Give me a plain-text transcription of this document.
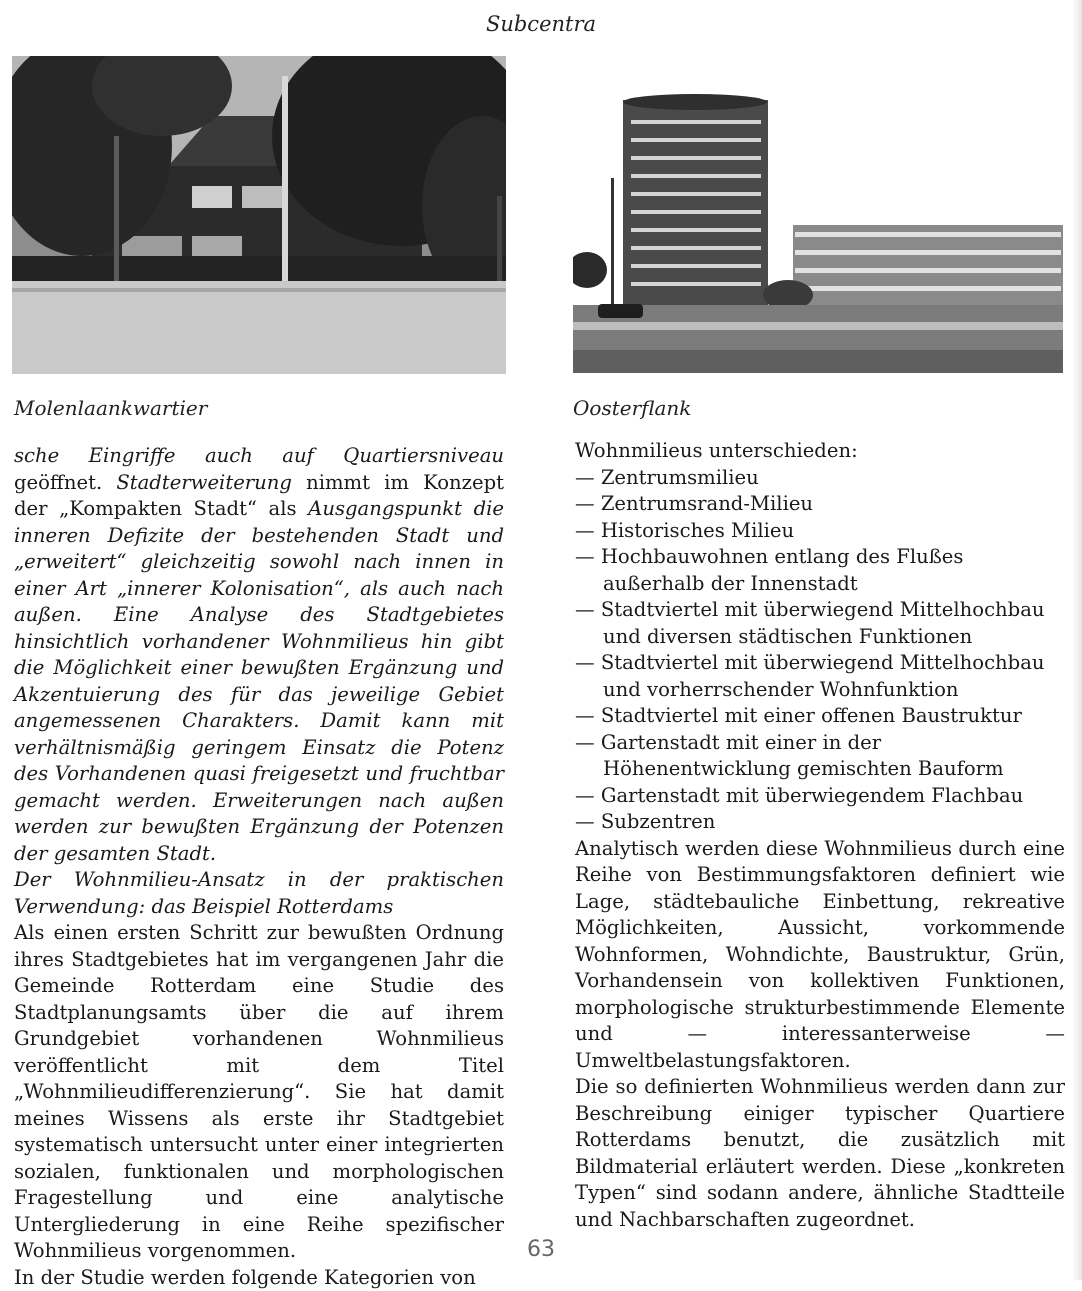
Subcentra
Molenlaankwartier	Oosterflank

sche Eingriffe auch auf Quartiersniveau geöffnet. Stadterweiterung nimmt im Konzept der „Kompakten Stadt“ als Ausgangspunkt die inneren Defizite der bestehenden Stadt und „erweitert“ gleichzeitig sowohl nach innen in einer Art „innerer Kolonisation“, als auch nach außen. Eine Analyse des Stadtgebietes hinsichtlich vorhandener Wohnmilieus hin gibt die Möglichkeit einer bewußten Ergänzung und Akzentuierung des für das jeweilige Gebiet angemessenen Charakters. Damit kann mit verhältnismäßig geringem Einsatz die Potenz des Vorhandenen quasi freigesetzt und fruchtbar gemacht werden. Erweiterungen nach außen werden zur bewußten Ergänzung der Potenzen der gesamten Stadt.

Der Wohnmilieu-Ansatz in der praktischen Verwendung: das Beispiel Rotterdams

Als einen ersten Schritt zur bewußten Ordnung ihres Stadtgebietes hat im vergangenen Jahr die Gemeinde Rotterdam eine Studie des Stadtplanungsamts über die auf ihrem Grundgebiet vorhandenen Wohnmilieus veröffentlicht mit dem Titel „Wohnmilieudifferenzierung“. Sie hat damit meines Wissens als erste ihr Stadtgebiet systematisch untersucht unter einer integrierten sozialen, funktionalen und morphologischen Fragestellung und eine analytische Untergliederung in eine Reihe spezifischer Wohnmilieus vorgenommen.

In der Studie werden folgende Kategorien von

Wohnmilieus unterschieden:

— Zentrumsmilieu

— Zentrumsrand-Milieu

— Historisches Milieu

— Hochbauwohnen entlang des Flußes außerhalb der Innenstadt

— Stadtviertel mit überwiegend Mittelhochbau und diversen städtischen Funktionen

— Stadtviertel mit überwiegend Mittelhochbau und vorherrschender Wohnfunktion

— Stadtviertel mit einer offenen Baustruktur

— Gartenstadt mit einer in der Höhenentwicklung gemischten Bauform

— Gartenstadt mit überwiegendem Flachbau

— Subzentren

Analytisch werden diese Wohnmilieus durch eine Reihe von Bestimmungsfaktoren definiert wie Lage, städtebauliche Einbettung, rekreative Möglichkeiten, Aussicht, vorkommende Wohnformen, Wohndichte, Baustruktur, Grün, Vorhandensein von kollektiven Funktionen, morphologische strukturbestimmende Elemente und — interessanterweise — Umweltbelastungsfaktoren.

Die so definierten Wohnmilieus werden dann zur Beschreibung einiger typischer Quartiere Rotterdams benutzt, die zusätzlich mit Bildmaterial erläutert werden. Diese „konkreten Typen“ sind sodann andere, ähnliche Stadtteile und Nachbarschaften zugeordnet.

63
